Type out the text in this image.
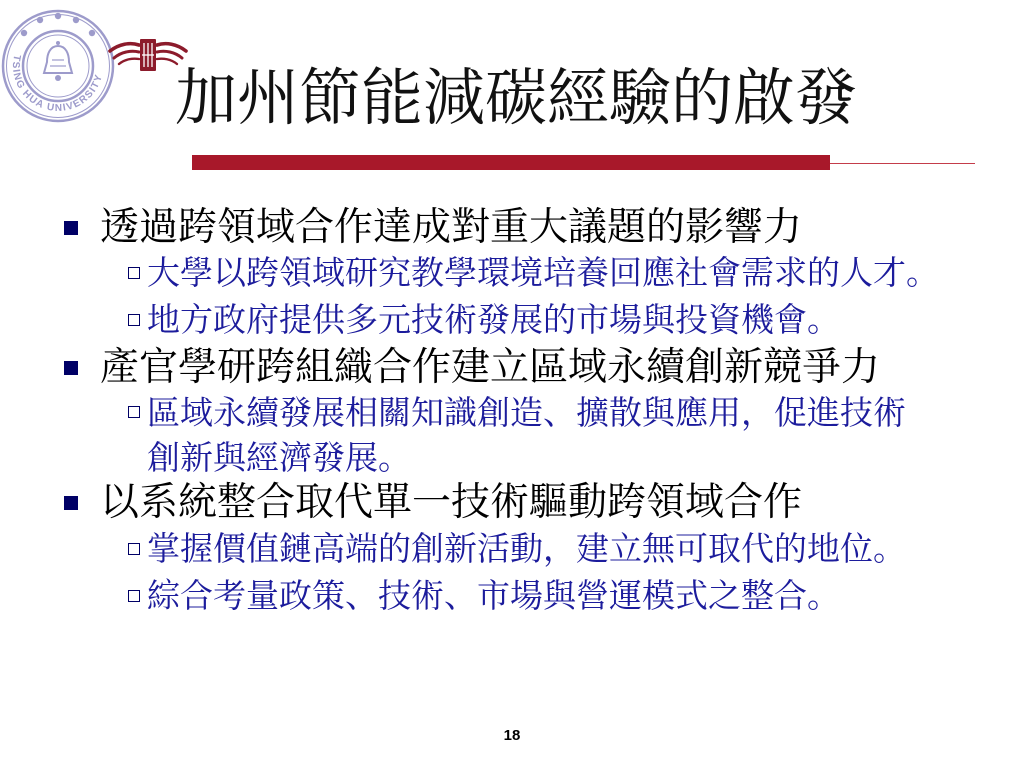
TSING HUA UNIVERSITY 加州節能減碳經驗的啟發
透過跨領域合作達成對重大議題的影響力
大學以跨領域研究教學環境培養回應社會需求的人才。
地方政府提供多元技術發展的市場與投資機會。
產官學研跨組織合作建立區域永續創新競爭力
區域永續發展相關知識創造、擴散與應用，促進技術創新與經濟發展。
以系統整合取代單一技術驅動跨領域合作
掌握價值鏈高端的創新活動，建立無可取代的地位。
綜合考量政策、技術、市場與營運模式之整合。
18
